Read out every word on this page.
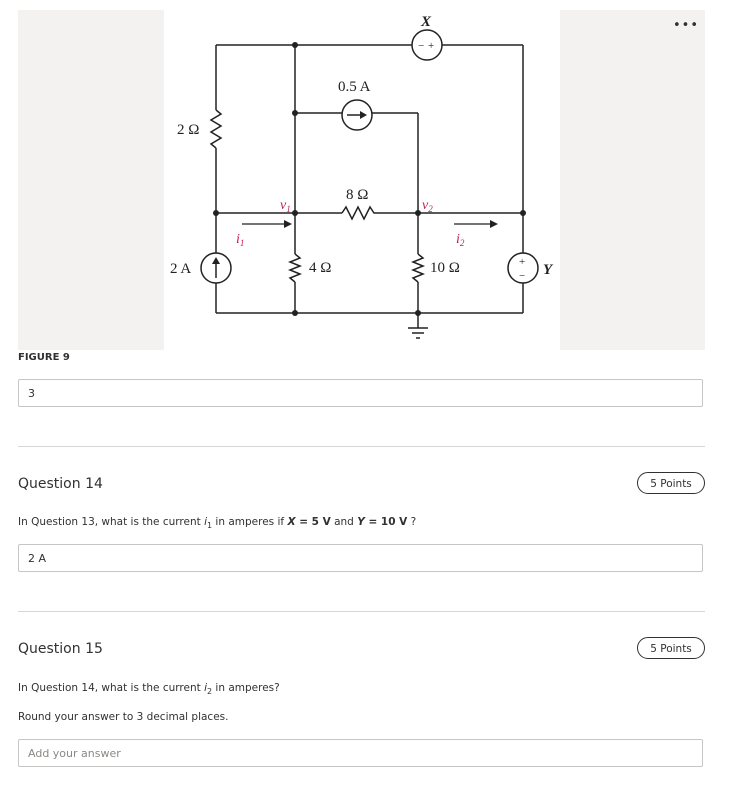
•••
− +
X
0.5 A
2 A	+
− Y
2 Ω
8 Ω
4 Ω	10 Ω
$v_1$	$v_2$
$i_1$	$i_2$
FIGURE 9
3
Question 14	5 Points
In Question 13, what is the current $i_1$ in amperes if X = 5 V and Y = 10 V ?
2 A
Question 15	5 Points
In Question 14, what is the current $i_2$ in amperes?
Round your answer to 3 decimal places.
Add your answer
